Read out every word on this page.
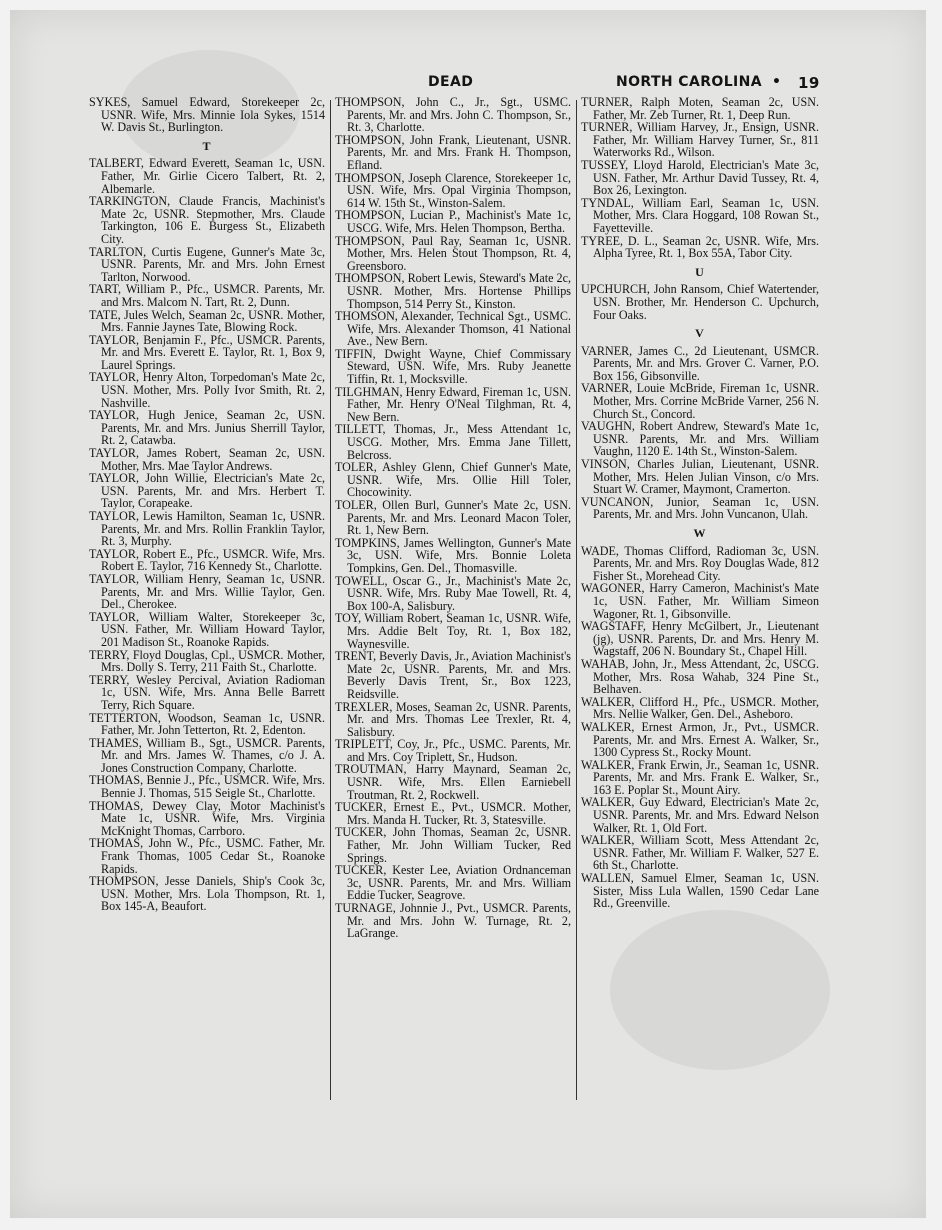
DEAD	NORTH CAROLINA • 19

SYKES, Samuel Edward, Storekeeper 2c, USNR. Wife, Mrs. Minnie Iola Sykes, 1514 W. Davis St., Burlington.

T

TALBERT, Edward Everett, Seaman 1c, USN. Father, Mr. Girlie Cicero Talbert, Rt. 2, Albemarle.

TARKINGTON, Claude Francis, Machinist's Mate 2c, USNR. Stepmother, Mrs. Claude Tarkington, 106 E. Burgess St., Elizabeth City.

TARLTON, Curtis Eugene, Gunner's Mate 3c, USNR. Parents, Mr. and Mrs. John Ernest Tarlton, Norwood.

TART, William P., Pfc., USMCR. Parents, Mr. and Mrs. Malcom N. Tart, Rt. 2, Dunn.

TATE, Jules Welch, Seaman 2c, USNR. Mother, Mrs. Fannie Jaynes Tate, Blowing Rock.

TAYLOR, Benjamin F., Pfc., USMCR. Parents, Mr. and Mrs. Everett E. Taylor, Rt. 1, Box 9, Laurel Springs.

TAYLOR, Henry Alton, Torpedoman's Mate 2c, USN. Mother, Mrs. Polly Ivor Smith, Rt. 2, Nashville.

TAYLOR, Hugh Jenice, Seaman 2c, USN. Parents, Mr. and Mrs. Junius Sherrill Taylor, Rt. 2, Catawba.

TAYLOR, James Robert, Seaman 2c, USN. Mother, Mrs. Mae Taylor Andrews.

TAYLOR, John Willie, Electrician's Mate 2c, USN. Parents, Mr. and Mrs. Herbert T. Taylor, Corapeake.

TAYLOR, Lewis Hamilton, Seaman 1c, USNR. Parents, Mr. and Mrs. Rollin Franklin Taylor, Rt. 3, Murphy.

TAYLOR, Robert E., Pfc., USMCR. Wife, Mrs. Robert E. Taylor, 716 Kennedy St., Charlotte.

TAYLOR, William Henry, Seaman 1c, USNR. Parents, Mr. and Mrs. Willie Taylor, Gen. Del., Cherokee.

TAYLOR, William Walter, Storekeeper 3c, USN. Father, Mr. William Howard Taylor, 201 Madison St., Roanoke Rapids.

TERRY, Floyd Douglas, Cpl., USMCR. Mother, Mrs. Dolly S. Terry, 211 Faith St., Charlotte.

TERRY, Wesley Percival, Aviation Radioman 1c, USN. Wife, Mrs. Anna Belle Barrett Terry, Rich Square.

TETTERTON, Woodson, Seaman 1c, USNR. Father, Mr. John Tetterton, Rt. 2, Edenton.

THAMES, William B., Sgt., USMCR. Parents, Mr. and Mrs. James W. Thames, c/o J. A. Jones Construction Company, Charlotte.

THOMAS, Bennie J., Pfc., USMCR. Wife, Mrs. Bennie J. Thomas, 515 Seigle St., Charlotte.

THOMAS, Dewey Clay, Motor Machinist's Mate 1c, USNR. Wife, Mrs. Virginia McKnight Thomas, Carrboro.

THOMAS, John W., Pfc., USMC. Father, Mr. Frank Thomas, 1005 Cedar St., Roanoke Rapids.

THOMPSON, Jesse Daniels, Ship's Cook 3c, USN. Mother, Mrs. Lola Thompson, Rt. 1, Box 145-A, Beaufort.

THOMPSON, John C., Jr., Sgt., USMC. Parents, Mr. and Mrs. John C. Thompson, Sr., Rt. 3, Charlotte.

THOMPSON, John Frank, Lieutenant, USNR. Parents, Mr. and Mrs. Frank H. Thompson, Efland.

THOMPSON, Joseph Clarence, Storekeeper 1c, USN. Wife, Mrs. Opal Virginia Thompson, 614 W. 15th St., Winston-Salem.

THOMPSON, Lucian P., Machinist's Mate 1c, USCG. Wife, Mrs. Helen Thompson, Bertha.

THOMPSON, Paul Ray, Seaman 1c, USNR. Mother, Mrs. Helen Stout Thompson, Rt. 4, Greensboro.

THOMPSON, Robert Lewis, Steward's Mate 2c, USNR. Mother, Mrs. Hortense Phillips Thompson, 514 Perry St., Kinston.

THOMSON, Alexander, Technical Sgt., USMC. Wife, Mrs. Alexander Thomson, 41 National Ave., New Bern.

TIFFIN, Dwight Wayne, Chief Commissary Steward, USN. Wife, Mrs. Ruby Jeanette Tiffin, Rt. 1, Mocksville.

TILGHMAN, Henry Edward, Fireman 1c, USN. Father, Mr. Henry O'Neal Tilghman, Rt. 4, New Bern.

TILLETT, Thomas, Jr., Mess Attendant 1c, USCG. Mother, Mrs. Emma Jane Tillett, Belcross.

TOLER, Ashley Glenn, Chief Gunner's Mate, USNR. Wife, Mrs. Ollie Hill Toler, Chocowinity.

TOLER, Ollen Burl, Gunner's Mate 2c, USN. Parents, Mr. and Mrs. Leonard Macon Toler, Rt. 1, New Bern.

TOMPKINS, James Wellington, Gunner's Mate 3c, USN. Wife, Mrs. Bonnie Loleta Tompkins, Gen. Del., Thomasville.

TOWELL, Oscar G., Jr., Machinist's Mate 2c, USNR. Wife, Mrs. Ruby Mae Towell, Rt. 4, Box 100-A, Salisbury.

TOY, William Robert, Seaman 1c, USNR. Wife, Mrs. Addie Belt Toy, Rt. 1, Box 182, Waynesville.

TRENT, Beverly Davis, Jr., Aviation Machinist's Mate 2c, USNR. Parents, Mr. and Mrs. Beverly Davis Trent, Sr., Box 1223, Reidsville.

TREXLER, Moses, Seaman 2c, USNR. Parents, Mr. and Mrs. Thomas Lee Trexler, Rt. 4, Salisbury.

TRIPLETT, Coy, Jr., Pfc., USMC. Parents, Mr. and Mrs. Coy Triplett, Sr., Hudson.

TROUTMAN, Harry Maynard, Seaman 2c, USNR. Wife, Mrs. Ellen Earniebell Troutman, Rt. 2, Rockwell.

TUCKER, Ernest E., Pvt., USMCR. Mother, Mrs. Manda H. Tucker, Rt. 3, Statesville.

TUCKER, John Thomas, Seaman 2c, USNR. Father, Mr. John William Tucker, Red Springs.

TUCKER, Kester Lee, Aviation Ordnanceman 3c, USNR. Parents, Mr. and Mrs. William Eddie Tucker, Seagrove.

TURNAGE, Johnnie J., Pvt., USMCR. Parents, Mr. and Mrs. John W. Turnage, Rt. 2, LaGrange.

TURNER, Ralph Moten, Seaman 2c, USN. Father, Mr. Zeb Turner, Rt. 1, Deep Run.

TURNER, William Harvey, Jr., Ensign, USNR. Father, Mr. William Harvey Turner, Sr., 811 Waterworks Rd., Wilson.

TUSSEY, Lloyd Harold, Electrician's Mate 3c, USN. Father, Mr. Arthur David Tussey, Rt. 4, Box 26, Lexington.

TYNDAL, William Earl, Seaman 1c, USN. Mother, Mrs. Clara Hoggard, 108 Rowan St., Fayetteville.

TYREE, D. L., Seaman 2c, USNR. Wife, Mrs. Alpha Tyree, Rt. 1, Box 55A, Tabor City.

U

UPCHURCH, John Ransom, Chief Watertender, USN. Brother, Mr. Henderson C. Upchurch, Four Oaks.

V

VARNER, James C., 2d Lieutenant, USMCR. Parents, Mr. and Mrs. Grover C. Varner, P.O. Box 156, Gibsonville.

VARNER, Louie McBride, Fireman 1c, USNR. Mother, Mrs. Corrine McBride Varner, 256 N. Church St., Concord.

VAUGHN, Robert Andrew, Steward's Mate 1c, USNR. Parents, Mr. and Mrs. William Vaughn, 1120 E. 14th St., Winston-Salem.

VINSON, Charles Julian, Lieutenant, USNR. Mother, Mrs. Helen Julian Vinson, c/o Mrs. Stuart W. Cramer, Maymont, Cramerton.

VUNCANON, Junior, Seaman 1c, USN. Parents, Mr. and Mrs. John Vuncanon, Ulah.

W

WADE, Thomas Clifford, Radioman 3c, USN. Parents, Mr. and Mrs. Roy Douglas Wade, 812 Fisher St., Morehead City.

WAGONER, Harry Cameron, Machinist's Mate 1c, USN. Father, Mr. William Simeon Wagoner, Rt. 1, Gibsonville.

WAGSTAFF, Henry McGilbert, Jr., Lieutenant (jg), USNR. Parents, Dr. and Mrs. Henry M. Wagstaff, 206 N. Boundary St., Chapel Hill.

WAHAB, John, Jr., Mess Attendant, 2c, USCG. Mother, Mrs. Rosa Wahab, 324 Pine St., Belhaven.

WALKER, Clifford H., Pfc., USMCR. Mother, Mrs. Nellie Walker, Gen. Del., Asheboro.

WALKER, Ernest Armon, Jr., Pvt., USMCR. Parents, Mr. and Mrs. Ernest A. Walker, Sr., 1300 Cypress St., Rocky Mount.

WALKER, Frank Erwin, Jr., Seaman 1c, USNR. Parents, Mr. and Mrs. Frank E. Walker, Sr., 163 E. Poplar St., Mount Airy.

WALKER, Guy Edward, Electrician's Mate 2c, USNR. Parents, Mr. and Mrs. Edward Nelson Walker, Rt. 1, Old Fort.

WALKER, William Scott, Mess Attendant 2c, USNR. Father, Mr. William F. Walker, 527 E. 6th St., Charlotte.

WALLEN, Samuel Elmer, Seaman 1c, USN. Sister, Miss Lula Wallen, 1590 Cedar Lane Rd., Greenville.
